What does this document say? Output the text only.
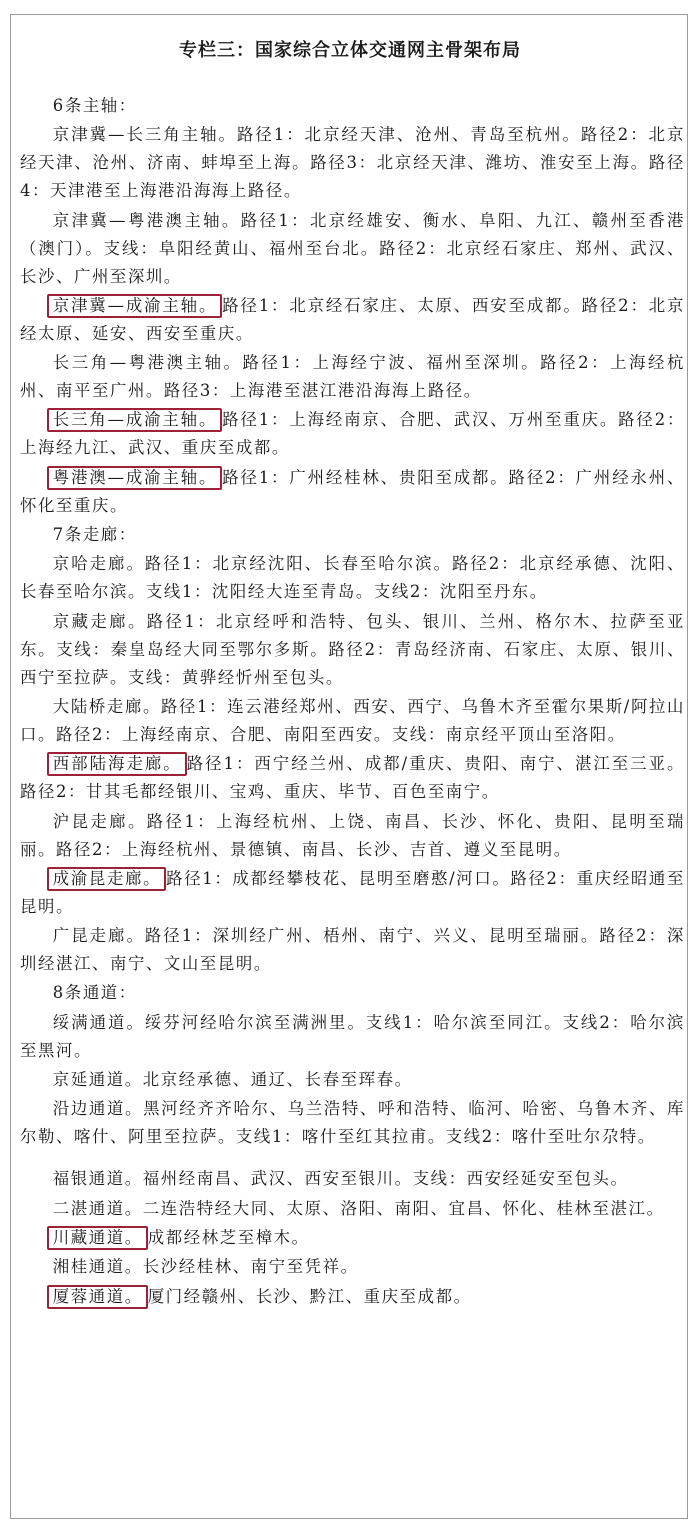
专栏三：国家综合立体交通网主骨架布局
6条主轴：
京津冀—长三角主轴。路径1：北京经天津、沧州、青岛至杭州。路径2：北京经天津、沧州、济南、蚌埠至上海。路径3：北京经天津、潍坊、淮安至上海。路径4：天津港至上海港沿海海上路径。
京津冀—粤港澳主轴。路径1：北京经雄安、衡水、阜阳、九江、赣州至香港（澳门）。支线：阜阳经黄山、福州至台北。路径2：北京经石家庄、郑州、武汉、长沙、广州至深圳。
京津冀—成渝主轴。 路径1：北京经石家庄、太原、西安至成都。路径2：北京经太原、延安、西安至重庆。
长三角—粤港澳主轴。路径1：上海经宁波、福州至深圳。路径2：上海经杭州、南平至广州。路径3：上海港至湛江港沿海海上路径。
长三角—成渝主轴。 路径1：上海经南京、合肥、武汉、万州至重庆。路径2：上海经九江、武汉、重庆至成都。
粤港澳—成渝主轴。 路径1：广州经桂林、贵阳至成都。路径2：广州经永州、怀化至重庆。
7条走廊：
京哈走廊。路径1：北京经沈阳、长春至哈尔滨。路径2：北京经承德、沈阳、长春至哈尔滨。支线1：沈阳经大连至青岛。支线2：沈阳至丹东。
京藏走廊。路径1：北京经呼和浩特、包头、银川、兰州、格尔木、拉萨至亚东。支线：秦皇岛经大同至鄂尔多斯。路径2：青岛经济南、石家庄、太原、银川、西宁至拉萨。支线：黄骅经忻州至包头。
大陆桥走廊。路径1：连云港经郑州、西安、西宁、乌鲁木齐至霍尔果斯/阿拉山口。路径2：上海经南京、合肥、南阳至西安。支线：南京经平顶山至洛阳。
西部陆海走廊。 路径1：西宁经兰州、成都/重庆、贵阳、南宁、湛江至三亚。路径2：甘其毛都经银川、宝鸡、重庆、毕节、百色至南宁。
沪昆走廊。路径1：上海经杭州、上饶、南昌、长沙、怀化、贵阳、昆明至瑞丽。路径2：上海经杭州、景德镇、南昌、长沙、吉首、遵义至昆明。
成渝昆走廊。 路径1：成都经攀枝花、昆明至磨憨/河口。路径2：重庆经昭通至昆明。
广昆走廊。路径1：深圳经广州、梧州、南宁、兴义、昆明至瑞丽。路径2：深圳经湛江、南宁、文山至昆明。
8条通道：
绥满通道。绥芬河经哈尔滨至满洲里。支线1：哈尔滨至同江。支线2：哈尔滨至黑河。
京延通道。北京经承德、通辽、长春至珲春。
沿边通道。黑河经齐齐哈尔、乌兰浩特、呼和浩特、临河、哈密、乌鲁木齐、库尔勒、喀什、阿里至拉萨。支线1：喀什至红其拉甫。支线2：喀什至吐尔尕特。
福银通道。福州经南昌、武汉、西安至银川。支线：西安经延安至包头。
二湛通道。二连浩特经大同、太原、洛阳、南阳、宜昌、怀化、桂林至湛江。
川藏通道。 成都经林芝至樟木。
湘桂通道。长沙经桂林、南宁至凭祥。
厦蓉通道。 厦门经赣州、长沙、黔江、重庆至成都。
